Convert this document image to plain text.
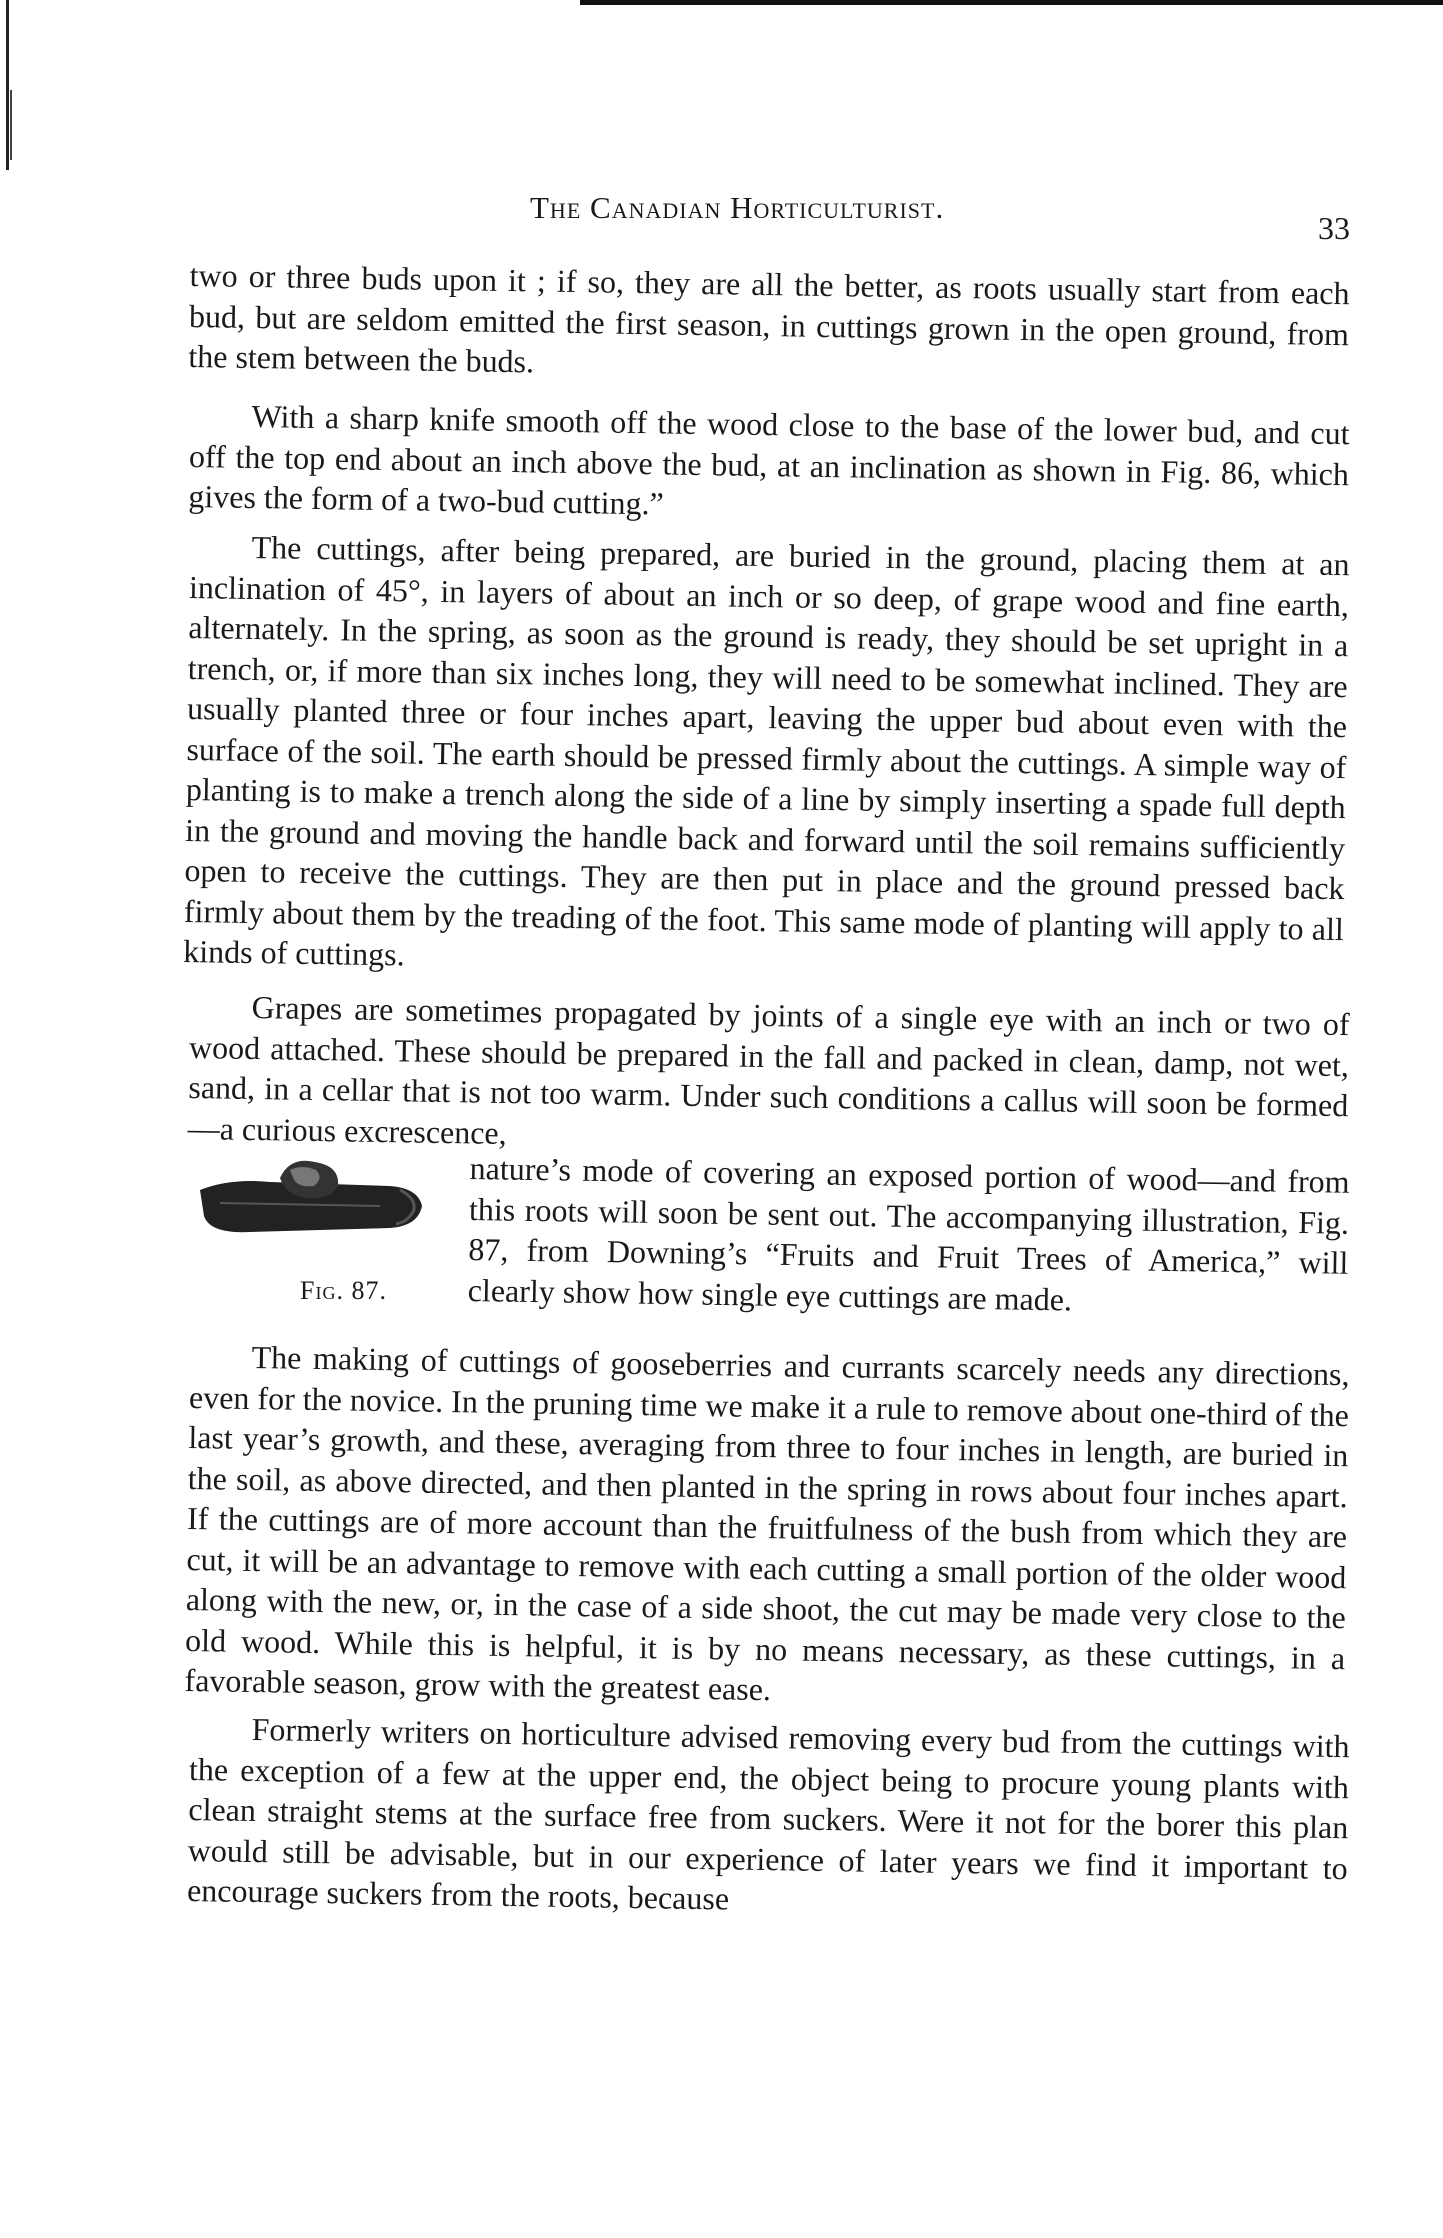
The Canadian Horticulturist.
33

two or three buds upon it ; if so, they are all the better, as roots usually start from each bud, but are seldom emitted the first season, in cuttings grown in the open ground, from the stem between the buds.

With a sharp knife smooth off the wood close to the base of the lower bud, and cut off the top end about an inch above the bud, at an inclination as shown in Fig. 86, which gives the form of a two-bud cutting.”

The cuttings, after being prepared, are buried in the ground, placing them at an inclination of 45°, in layers of about an inch or so deep, of grape wood and fine earth, alternately. In the spring, as soon as the ground is ready, they should be set upright in a trench, or, if more than six inches long, they will need to be somewhat inclined. They are usually planted three or four inches apart, leaving the upper bud about even with the surface of the soil. The earth should be pressed firmly about the cuttings. A simple way of planting is to make a trench along the side of a line by simply inserting a spade full depth in the ground and moving the handle back and forward until the soil remains sufficiently open to receive the cuttings. They are then put in place and the ground pressed back firmly about them by the treading of the foot. This same mode of planting will apply to all kinds of cuttings.

Grapes are sometimes propagated by joints of a single eye with an inch or two of wood attached. These should be prepared in the fall and packed in clean, damp, not wet, sand, in a cellar that is not too warm. Under such conditions a callus will soon be formed—a curious excrescence,

Fig. 87.

nature’s mode of covering an exposed portion of wood—and from this roots will soon be sent out. The accompanying illustration, Fig. 87, from Downing’s “Fruits and Fruit Trees of America,” will clearly show how single eye cuttings are made.

The making of cuttings of gooseberries and currants scarcely needs any directions, even for the novice. In the pruning time we make it a rule to remove about one-third of the last year’s growth, and these, averaging from three to four inches in length, are buried in the soil, as above directed, and then planted in the spring in rows about four inches apart. If the cuttings are of more account than the fruitfulness of the bush from which they are cut, it will be an advantage to remove with each cutting a small portion of the older wood along with the new, or, in the case of a side shoot, the cut may be made very close to the old wood. While this is helpful, it is by no means necessary, as these cuttings, in a favorable season, grow with the greatest ease.

Formerly writers on horticulture advised removing every bud from the cuttings with the exception of a few at the upper end, the object being to procure young plants with clean straight stems at the surface free from suckers. Were it not for the borer this plan would still be advisable, but in our experience of later years we find it important to encourage suckers from the roots, because
